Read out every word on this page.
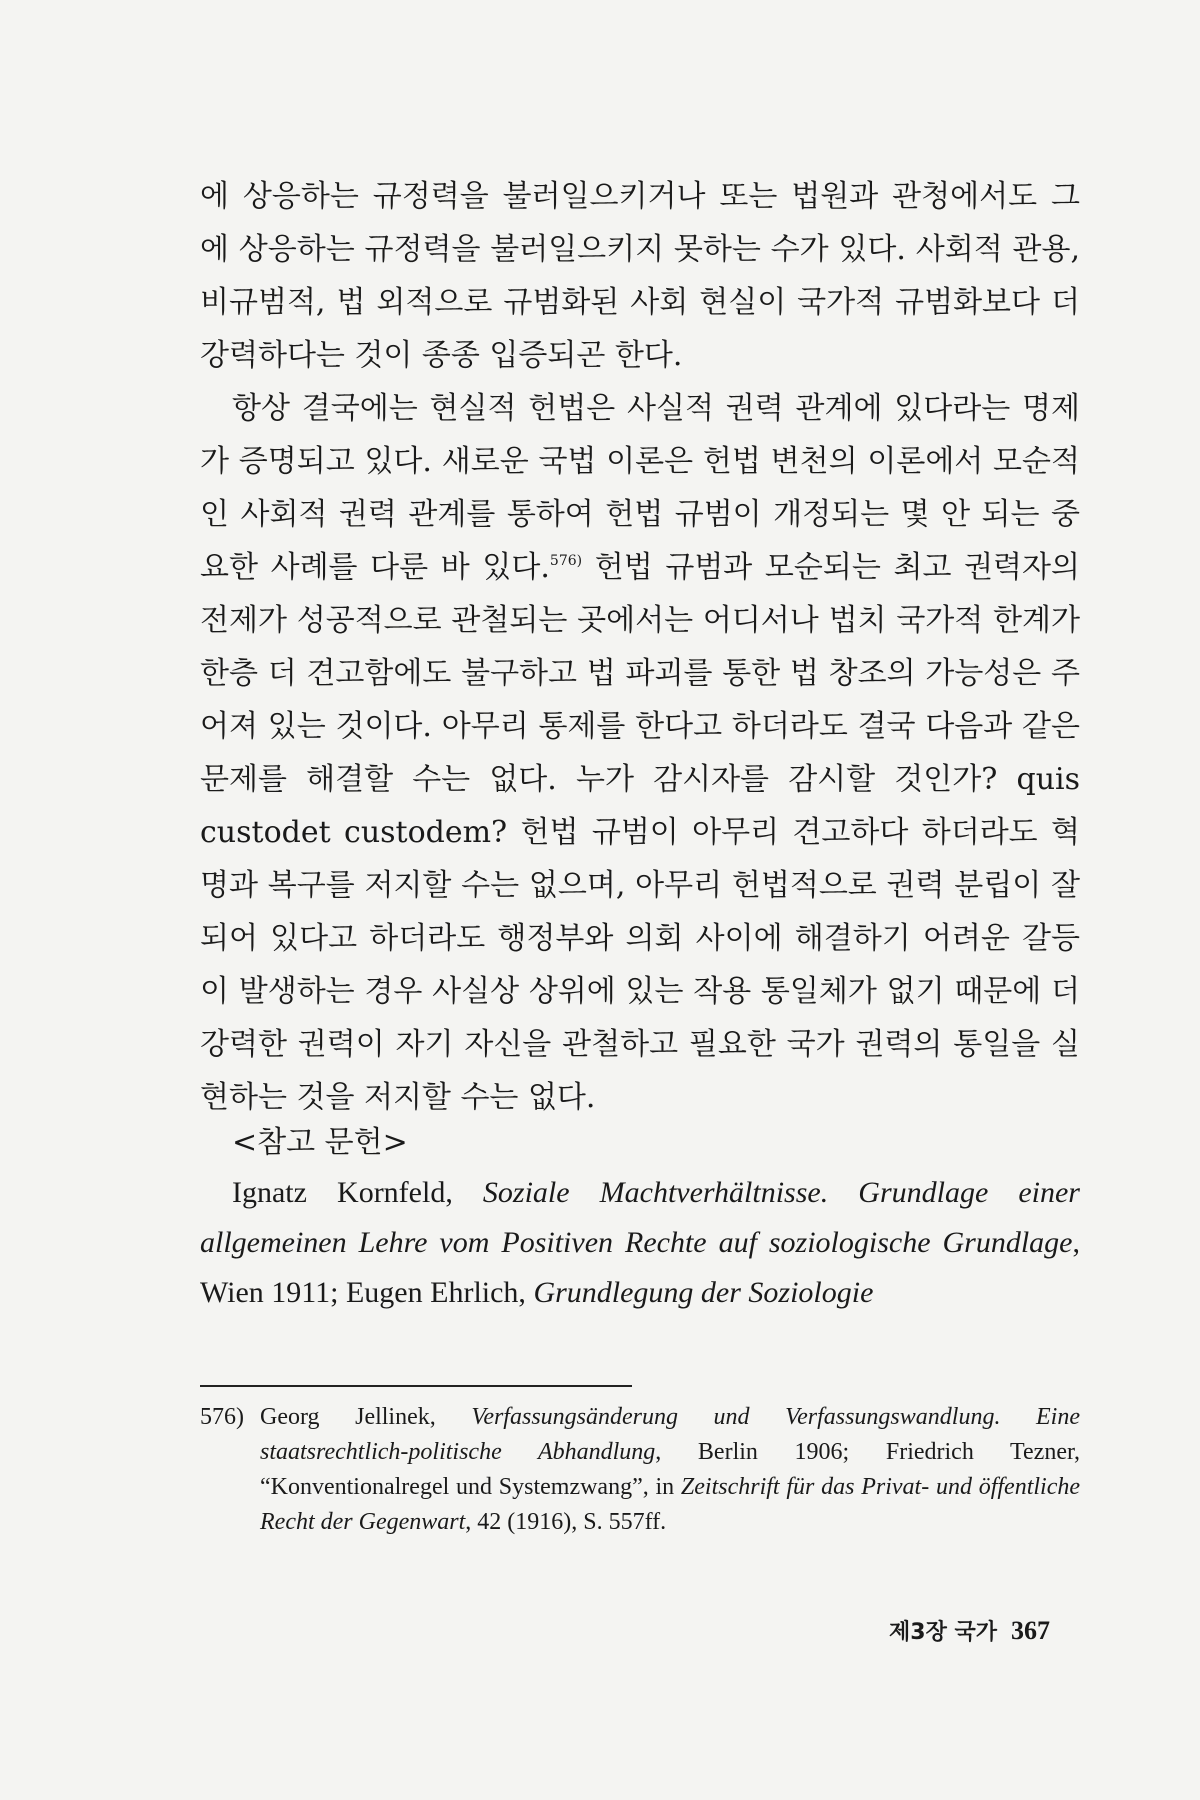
에 상응하는 규정력을 불러일으키거나 또는 법원과 관청에서도 그 에 상응하는 규정력을 불러일으키지 못하는 수가 있다. 사회적 관용, 비규범적, 법 외적으로 규범화된 사회 현실이 국가적 규범화보다 더 강력하다는 것이 종종 입증되곤 한다.

항상 결국에는 현실적 헌법은 사실적 권력 관계에 있다라는 명제가 증명되고 있다. 새로운 국법 이론은 헌법 변천의 이론에서 모순적인 사회적 권력 관계를 통하여 헌법 규범이 개정되는 몇 안 되는 중요한 사례를 다룬 바 있다.$^{576)}$ 헌법 규범과 모순되는 최고 권력자의 전제가 성공적으로 관철되는 곳에서는 어디서나 법치 국가적 한계가 한층 더 견고함에도 불구하고 법 파괴를 통한 법 창조의 가능성은 주어져 있는 것이다. 아무리 통제를 한다고 하더라도 결국 다음과 같은 문제를 해결할 수는 없다. 누가 감시자를 감시할 것인가? quis custodet custodem? 헌법 규범이 아무리 견고하다 하더라도 혁명과 복구를 저지할 수는 없으며, 아무리 헌법적으로 권력 분립이 잘 되어 있다고 하더라도 행정부와 의회 사이에 해결하기 어려운 갈등이 발생하는 경우 사실상 상위에 있는 작용 통일체가 없기 때문에 더 강력한 권력이 자기 자신을 관철하고 필요한 국가 권력의 통일을 실현하는 것을 저지할 수는 없다.

<참고 문헌>

Ignatz Kornfeld, Soziale Machtverhältnisse. Grundlage einer allgemeinen Lehre vom Positiven Rechte auf soziologische Grundlage, Wien 1911; Eugen Ehrlich, Grundlegung der Soziologie

576) Georg Jellinek, Verfassungsänderung und Verfassungswandlung. Eine staatsrechtlich-politische Abhandlung, Berlin 1906; Friedrich Tezner, “Konventionalregel und Systemzwang”, in Zeitschrift für das Privat- und öffentliche Recht der Gegenwart, 42 (1916), S. 557ff.
제3장 국가 367
